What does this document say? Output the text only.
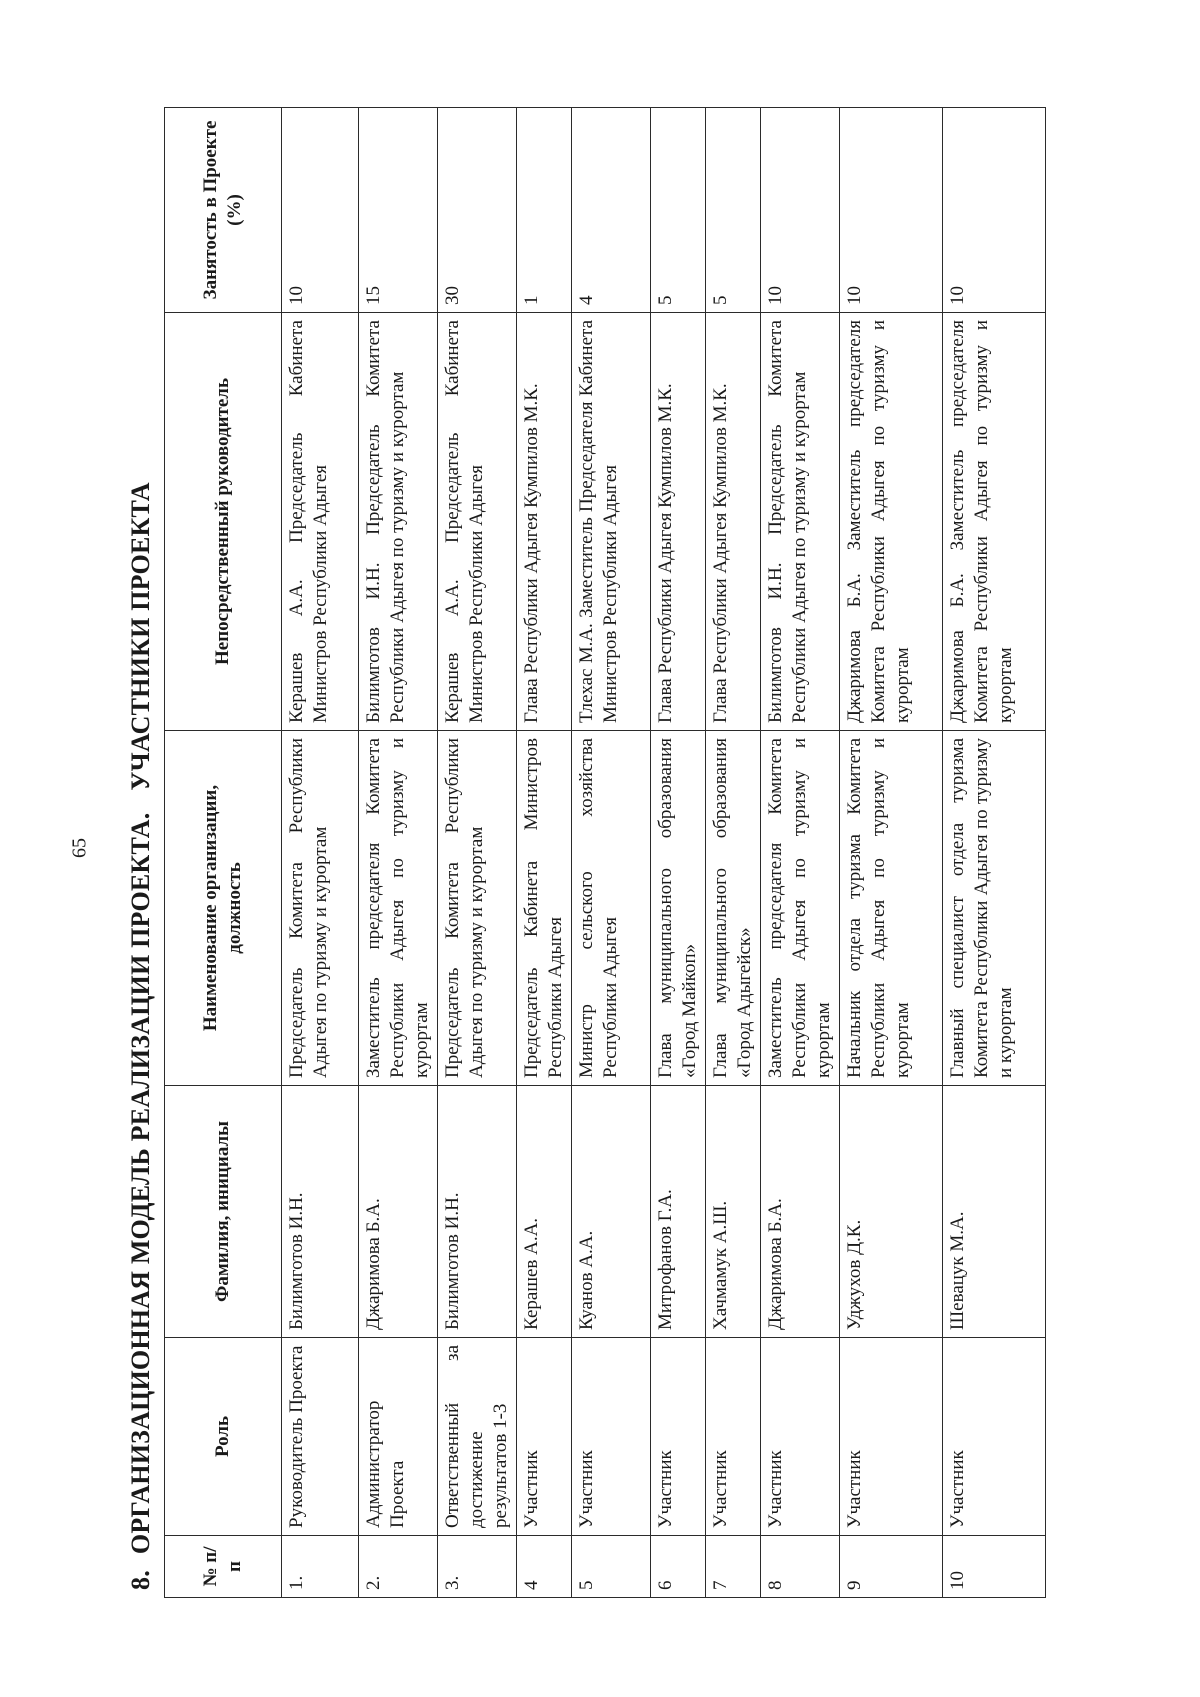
65
8.
ОРГАНИЗАЦИОННАЯ МОДЕЛЬ РЕАЛИЗАЦИИ ПРОЕКТА.
УЧАСТНИКИ ПРОЕКТА
№ п/п	Роль	Фамилия, инициалы	Наименование организации, должность	Непосредственный руководитель	Занятость в Проекте (%)
1.	Руководитель Проекта	Билимготов И.Н.	Председатель Комитета Республики Адыгея по туризму и курортам	Керашев А.А. Председатель Кабинета Министров Республики Адыгея	10
2.	Администратор Проекта	Джаримова Б.А.	Заместитель председателя Комитета Республики Адыгея по туризму и курортам	Билимготов И.Н. Председатель Комитета Республики Адыгея по туризму и курортам	15
3.	Ответственный за достижение результатов 1-3	Билимготов И.Н.	Председатель Комитета Республики Адыгея по туризму и курортам	Керашев А.А. Председатель Кабинета Министров Республики Адыгея	30
4	Участник	Керашев А.А.	Председатель Кабинета Министров Республики Адыгея	Глава Республики Адыгея Кумпилов М.К.	1
5	Участник	Куанов А.А.	Министр сельского хозяйства Республики Адыгея	Тлехас М.А. Заместитель Председателя Кабинета Министров Республики Адыгея	4
6	Участник	Митрофанов Г.А.	Глава муниципального образования «Город Майкоп»	Глава Республики Адыгея Кумпилов М.К.	5
7	Участник	Хачмамук А.Ш.	Глава муниципального образования «Город Адыгейск»	Глава Республики Адыгея Кумпилов М.К.	5
8	Участник	Джаримова Б.А.	Заместитель председателя Комитета Республики Адыгея по туризму и курортам	Билимготов И.Н. Председатель Комитета Республики Адыгея по туризму и курортам	10
9	Участник	Уджухов Д.К.	Начальник отдела туризма Комитета Республики Адыгея по туризму и курортам	Джаримова Б.А. Заместитель председателя Комитета Республики Адыгея по туризму и курортам	10
10	Участник	Шевацук М.А.	Главный специалист отдела туризма Комитета Республики Адыгея по туризму и курортам	Джаримова Б.А. Заместитель председателя Комитета Республики Адыгея по туризму и курортам	10
